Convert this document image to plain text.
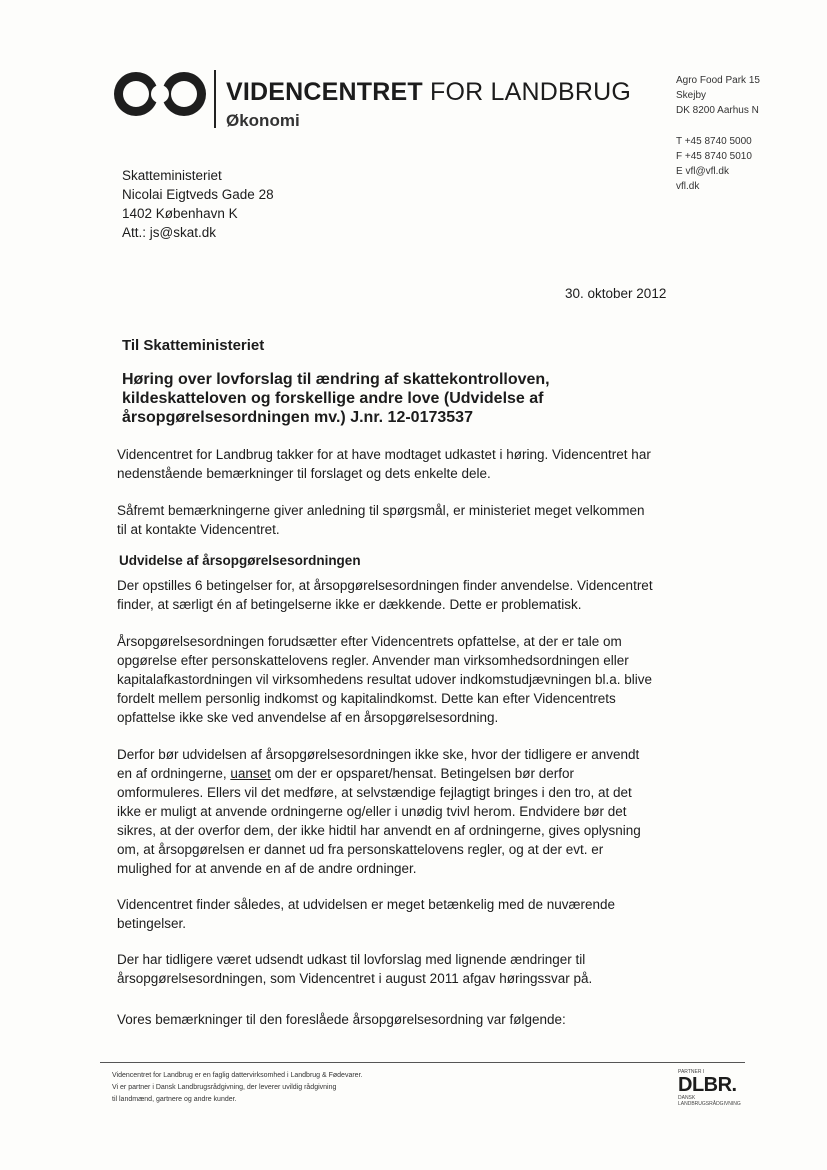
VIDENCENTRET FOR LANDBRUG
Økonomi
Agro Food Park 15
Skejby
DK 8200 Aarhus N
T +45 8740 5000
F +45 8740 5010
E vfl@vfl.dk
vfl.dk
Skatteministeriet
Nicolai Eigtveds Gade 28
1402 København K
Att.: js@skat.dk
30. oktober 2012
Til Skatteministeriet
Høring over lovforslag til ændring af skattekontrolloven, kildeskatteloven og forskellige andre love (Udvidelse af årsopgørelsesordningen mv.) J.nr. 12-0173537
Videncentret for Landbrug takker for at have modtaget udkastet i høring. Videncentret har nedenstående bemærkninger til forslaget og dets enkelte dele.
Såfremt bemærkningerne giver anledning til spørgsmål, er ministeriet meget velkommen til at kontakte Videncentret.
Udvidelse af årsopgørelsesordningen
Der opstilles 6 betingelser for, at årsopgørelsesordningen finder anvendelse. Videncentret finder, at særligt én af betingelserne ikke er dækkende. Dette er problematisk.
Årsopgørelsesordningen forudsætter efter Videncentrets opfattelse, at der er tale om opgørelse efter personskattelovens regler. Anvender man virksomhedsordningen eller kapitalafkastordningen vil virksomhedens resultat udover indkomstudjævningen bl.a. blive fordelt mellem personlig indkomst og kapitalindkomst. Dette kan efter Videncentrets opfattelse ikke ske ved anvendelse af en årsopgørelsesordning.
Derfor bør udvidelsen af årsopgørelsesordningen ikke ske, hvor der tidligere er anvendt en af ordningerne, uanset om der er opsparet/hensat. Betingelsen bør derfor omformuleres. Ellers vil det medføre, at selvstændige fejlagtigt bringes i den tro, at det ikke er muligt at anvende ordningerne og/eller i unødig tvivl herom. Endvidere bør det sikres, at der overfor dem, der ikke hidtil har anvendt en af ordningerne, gives oplysning om, at årsopgørelsen er dannet ud fra personskattelovens regler, og at der evt. er mulighed for at anvende en af de andre ordninger.
Videncentret finder således, at udvidelsen er meget betænkelig med de nuværende betingelser.
Der har tidligere været udsendt udkast til lovforslag med lignende ændringer til årsopgørelsesordningen, som Videncentret i august 2011 afgav høringssvar på.
Vores bemærkninger til den foreslåede årsopgørelsesordning var følgende:
Videncentret for Landbrug er en faglig dattervirksomhed i Landbrug & Fødevarer.
Vi er partner i Dansk Landbrugsrådgivning, der leverer uvildig rådgivning
til landmænd, gartnere og andre kunder.
PARTNER I
DLBR.
DANSK LANDBRUGSRÅDGIVNING
